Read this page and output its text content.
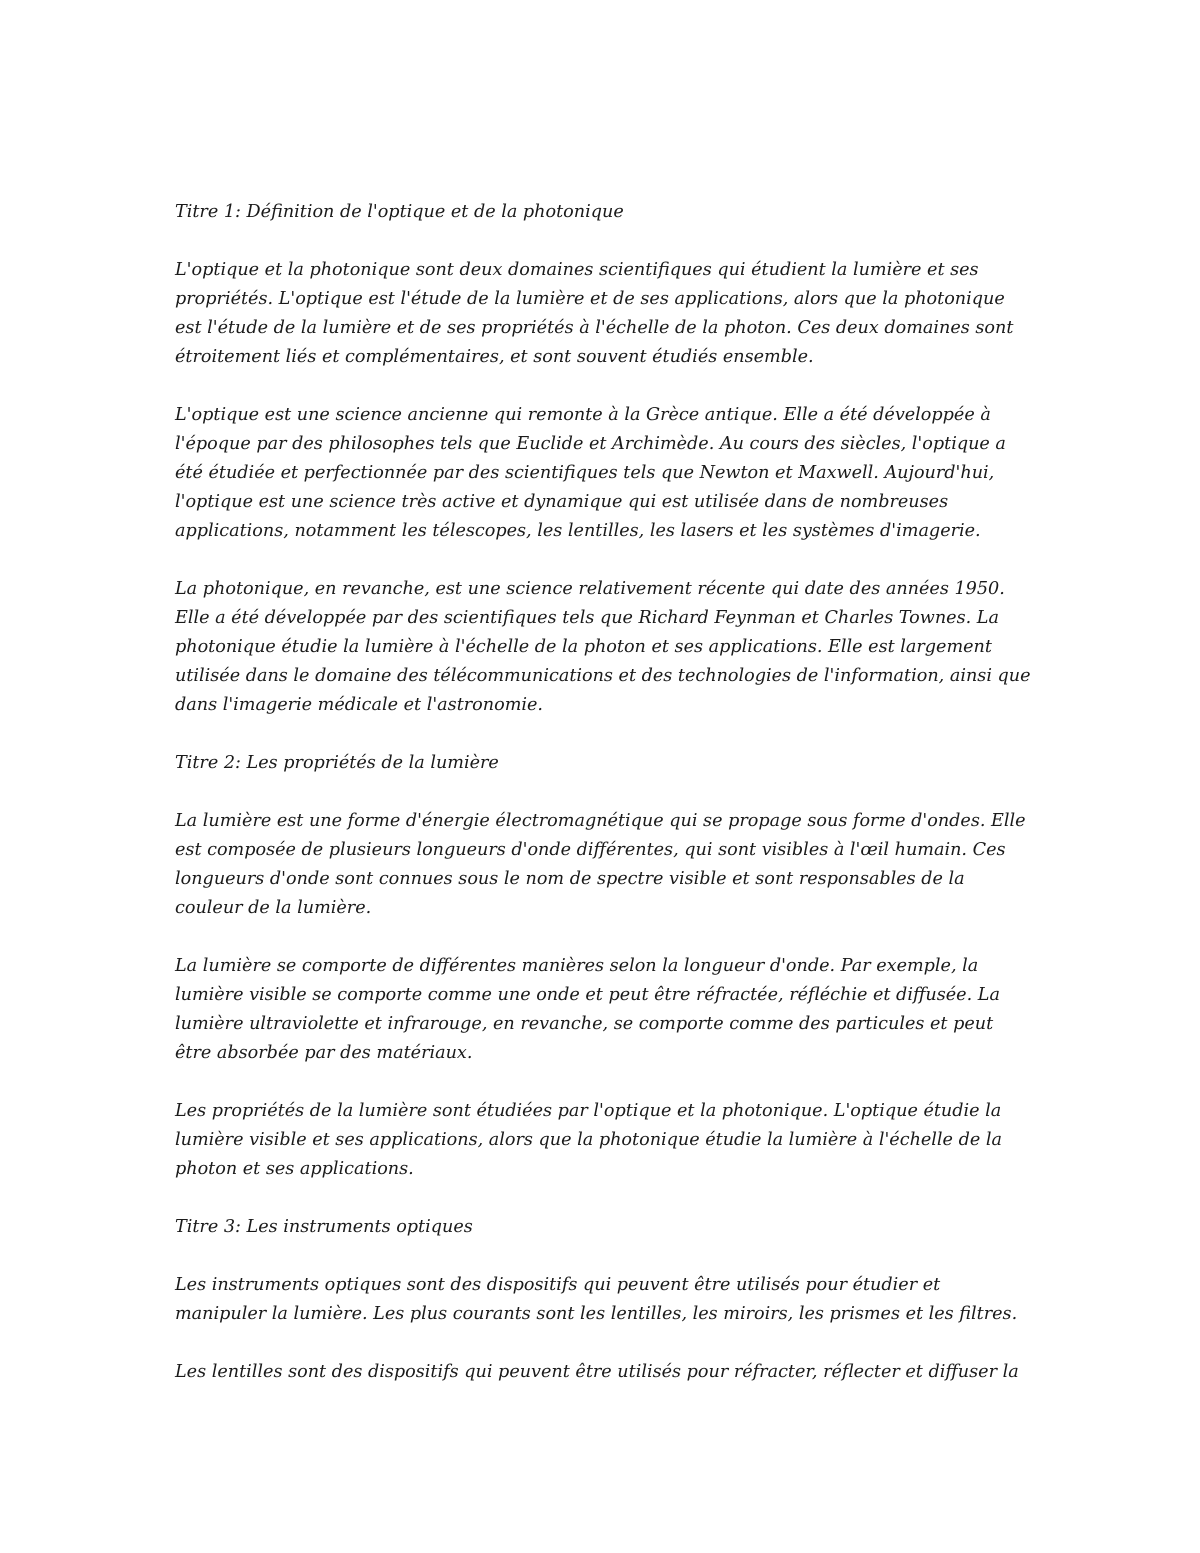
Titre 1: Définition de l'optique et de la photonique

L'optique et la photonique sont deux domaines scientifiques qui étudient la lumière et ses propriétés. L'optique est l'étude de la lumière et de ses applications, alors que la photonique est l'étude de la lumière et de ses propriétés à l'échelle de la photon. Ces deux domaines sont étroitement liés et complémentaires, et sont souvent étudiés ensemble.

L'optique est une science ancienne qui remonte à la Grèce antique. Elle a été développée à l'époque par des philosophes tels que Euclide et Archimède. Au cours des siècles, l'optique a été étudiée et perfectionnée par des scientifiques tels que Newton et Maxwell. Aujourd'hui, l'optique est une science très active et dynamique qui est utilisée dans de nombreuses applications, notamment les télescopes, les lentilles, les lasers et les systèmes d'imagerie.

La photonique, en revanche, est une science relativement récente qui date des années 1950. Elle a été développée par des scientifiques tels que Richard Feynman et Charles Townes. La photonique étudie la lumière à l'échelle de la photon et ses applications. Elle est largement utilisée dans le domaine des télécommunications et des technologies de l'information, ainsi que dans l'imagerie médicale et l'astronomie.

Titre 2: Les propriétés de la lumière

La lumière est une forme d'énergie électromagnétique qui se propage sous forme d'ondes. Elle est composée de plusieurs longueurs d'onde différentes, qui sont visibles à l'œil humain. Ces longueurs d'onde sont connues sous le nom de spectre visible et sont responsables de la couleur de la lumière.

La lumière se comporte de différentes manières selon la longueur d'onde. Par exemple, la lumière visible se comporte comme une onde et peut être réfractée, réfléchie et diffusée. La lumière ultraviolette et infrarouge, en revanche, se comporte comme des particules et peut être absorbée par des matériaux.

Les propriétés de la lumière sont étudiées par l'optique et la photonique. L'optique étudie la lumière visible et ses applications, alors que la photonique étudie la lumière à l'échelle de la photon et ses applications.

Titre 3: Les instruments optiques

Les instruments optiques sont des dispositifs qui peuvent être utilisés pour étudier et manipuler la lumière. Les plus courants sont les lentilles, les miroirs, les prismes et les filtres.

Les lentilles sont des dispositifs qui peuvent être utilisés pour réfracter, réflecter et diffuser la
